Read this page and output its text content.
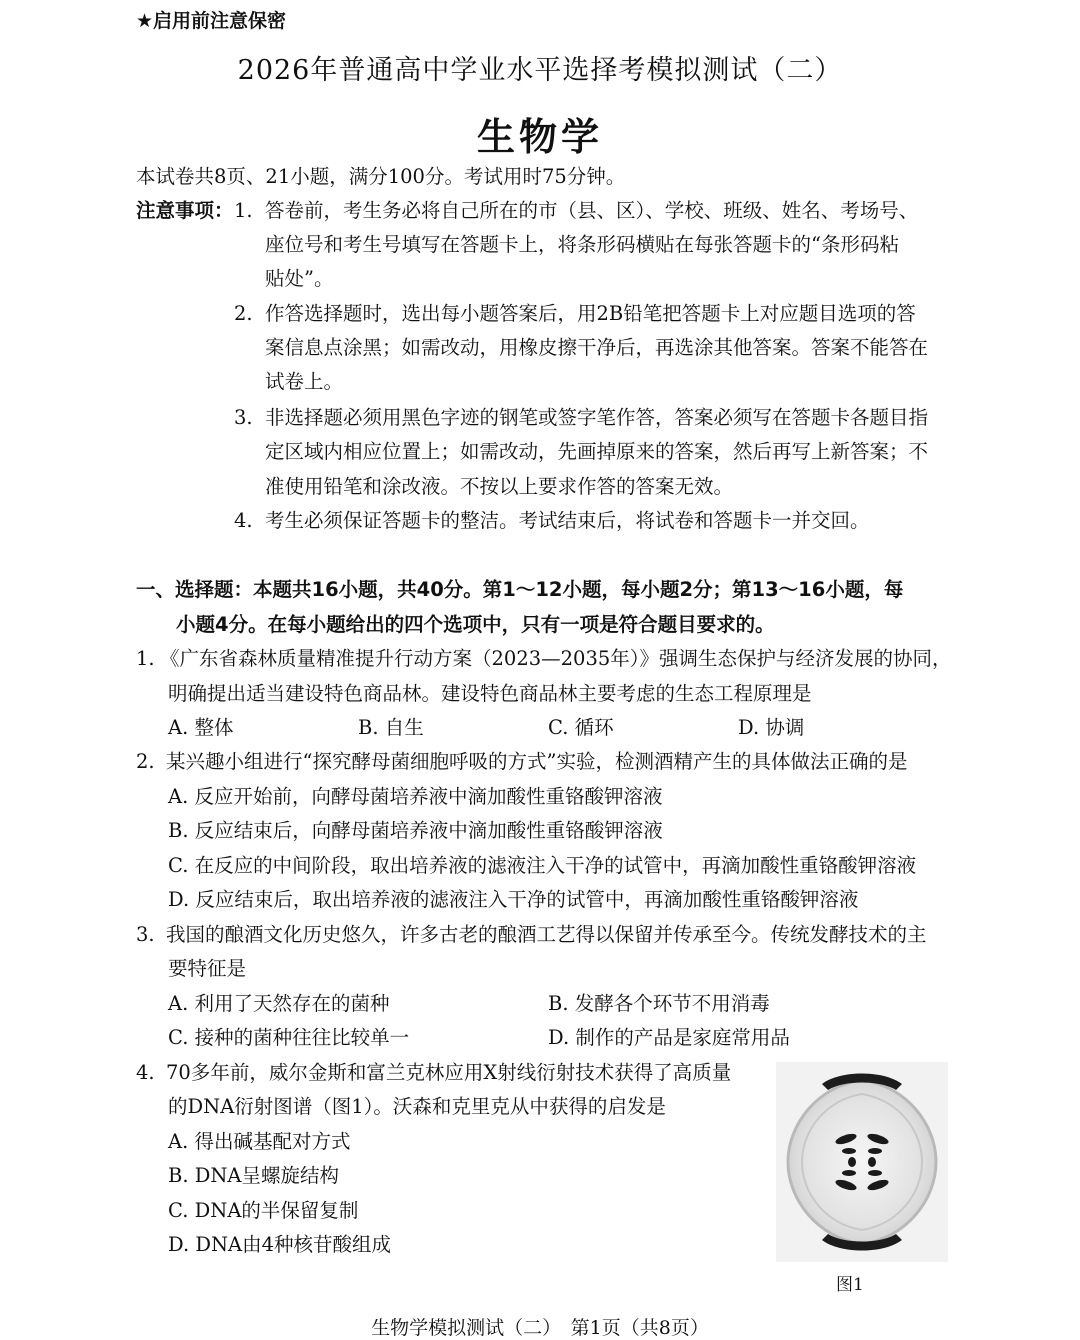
★启用前注意保密
2026年普通高中学业水平选择考模拟测试（二）
生物学
本试卷共8页、21小题，满分100分。考试用时75分钟。
注意事项： 1. 答卷前，考生务必将自己所在的市（县、区）、学校、班级、姓名、考场号、
座位号和考生号填写在答题卡上，将条形码横贴在每张答题卡的“条形码粘
贴处”。
2. 作答选择题时，选出每小题答案后，用2B铅笔把答题卡上对应题目选项的答
案信息点涂黑；如需改动，用橡皮擦干净后，再选涂其他答案。答案不能答在
试卷上。
3. 非选择题必须用黑色字迹的钢笔或签字笔作答，答案必须写在答题卡各题目指
定区域内相应位置上；如需改动，先画掉原来的答案，然后再写上新答案；不
准使用铅笔和涂改液。不按以上要求作答的答案无效。
4. 考生必须保证答题卡的整洁。考试结束后，将试卷和答题卡一并交回。
一、选择题：本题共16小题，共40分。第1～12小题，每小题2分；第13～16小题，每
小题4分。在每小题给出的四个选项中，只有一项是符合题目要求的。
1. 《广东省森林质量精准提升行动方案（2023—2035年）》强调生态保护与经济发展的协同，
明确提出适当建设特色商品林。建设特色商品林主要考虑的生态工程原理是
A. 整体	B. 自生	C. 循环	D. 协调
2. 某兴趣小组进行“探究酵母菌细胞呼吸的方式”实验，检测酒精产生的具体做法正确的是
A. 反应开始前，向酵母菌培养液中滴加酸性重铬酸钾溶液
B. 反应结束后，向酵母菌培养液中滴加酸性重铬酸钾溶液
C. 在反应的中间阶段，取出培养液的滤液注入干净的试管中，再滴加酸性重铬酸钾溶液
D. 反应结束后，取出培养液的滤液注入干净的试管中，再滴加酸性重铬酸钾溶液
3. 我国的酿酒文化历史悠久，许多古老的酿酒工艺得以保留并传承至今。传统发酵技术的主
要特征是
A. 利用了天然存在的菌种	B. 发酵各个环节不用消毒
C. 接种的菌种往往比较单一	D. 制作的产品是家庭常用品
4. 70多年前，威尔金斯和富兰克林应用X射线衍射技术获得了高质量
的DNA衍射图谱（图1）。沃森和克里克从中获得的启发是
A. 得出碱基配对方式
B. DNA呈螺旋结构
C. DNA的半保留复制
D. DNA由4种核苷酸组成
图1
生物学模拟测试（二）　第1页（共8页）
